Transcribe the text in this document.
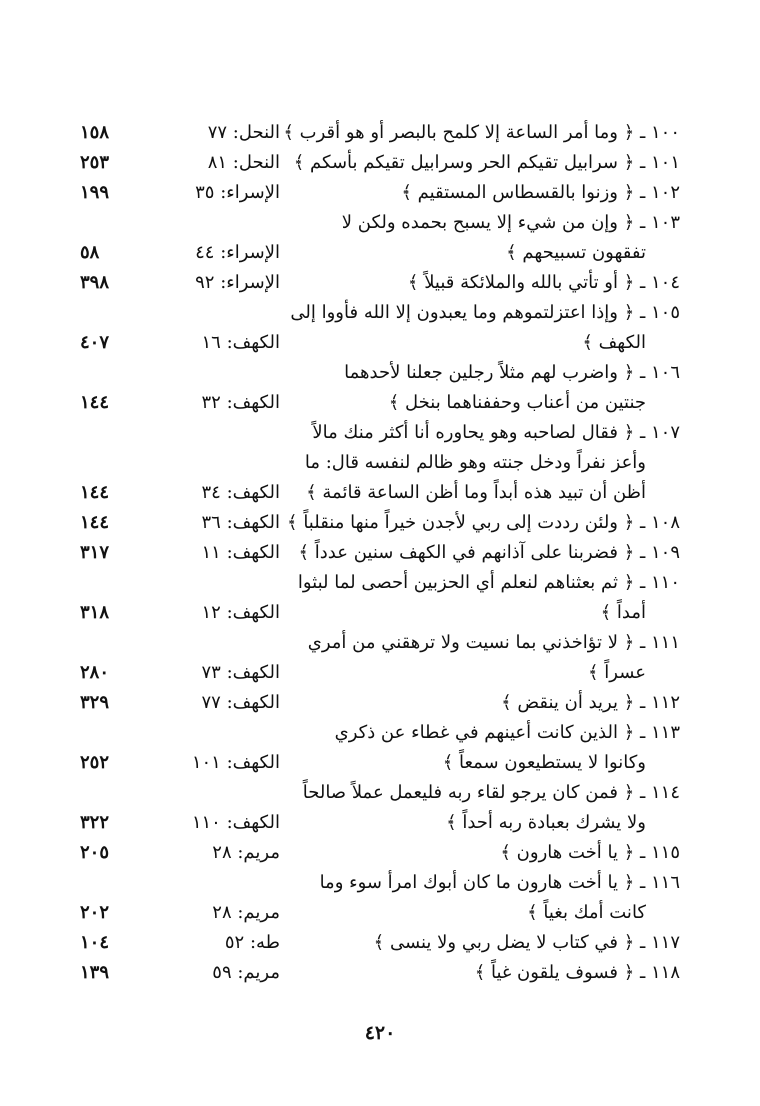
١٠٠ ـ ﴿ وما أمر الساعة إلا كلمح بالبصر أو هو أقرب ﴾
النحل: ٧٧
١٥٨
١٠١ ـ ﴿ سرابيل تقيكم الحر وسرابيل تقيكم بأسكم ﴾
النحل: ٨١
٢٥٣
١٠٢ ـ ﴿ وزنوا بالقسطاس المستقيم ﴾
الإسراء: ٣٥
١٩٩
١٠٣ ـ ﴿ وإن من شيء إلا يسبح بحمده ولكن لا
تفقهون تسبيحهم ﴾
الإسراء: ٤٤
٥٨
١٠٤ ـ ﴿ أو تأتي بالله والملائكة قبيلاً ﴾
الإسراء: ٩٢
٣٩٨
١٠٥ ـ ﴿ وإذا اعتزلتموهم وما يعبدون إلا الله فأووا إلى
الكهف ﴾
الكهف: ١٦
٤٠٧
١٠٦ ـ ﴿ واضرب لهم مثلاً رجلين جعلنا لأحدهما
جنتين من أعناب وحففناهما بنخل ﴾
الكهف: ٣٢
١٤٤
١٠٧ ـ ﴿ فقال لصاحبه وهو يحاوره أنا أكثر منك مالاً
وأعز نفراً ودخل جنته وهو ظالم لنفسه قال: ما
أظن أن تبيد هذه أبداً وما أظن الساعة قائمة ﴾
الكهف: ٣٤
١٤٤
١٠٨ ـ ﴿ ولئن رددت إلى ربي لأجدن خيراً منها منقلباً ﴾
الكهف: ٣٦
١٤٤
١٠٩ ـ ﴿ فضربنا على آذانهم في الكهف سنين عدداً ﴾
الكهف: ١١
٣١٧
١١٠ ـ ﴿ ثم بعثناهم لنعلم أي الحزبين أحصى لما لبثوا
أمداً ﴾
الكهف: ١٢
٣١٨
١١١ ـ ﴿ لا تؤاخذني بما نسيت ولا ترهقني من أمري
عسراً ﴾
الكهف: ٧٣
٢٨٠
١١٢ ـ ﴿ يريد أن ينقض ﴾
الكهف: ٧٧
٣٢٩
١١٣ ـ ﴿ الذين كانت أعينهم في غطاء عن ذكري
وكانوا لا يستطيعون سمعاً ﴾
الكهف: ١٠١
٢٥٢
١١٤ ـ ﴿ فمن كان يرجو لقاء ربه فليعمل عملاً صالحاً
ولا يشرك بعبادة ربه أحداً ﴾
الكهف: ١١٠
٣٢٢
١١٥ ـ ﴿ يا أخت هارون ﴾
مريم: ٢٨
٢٠٥
١١٦ ـ ﴿ يا أخت هارون ما كان أبوك امرأ سوء وما
كانت أمك بغياً ﴾
مريم: ٢٨
٢٠٢
١١٧ ـ ﴿ في كتاب لا يضل ربي ولا ينسى ﴾
طه: ٥٢
١٠٤
١١٨ ـ ﴿ فسوف يلقون غياً ﴾
مريم: ٥٩
١٣٩
٤٢٠
